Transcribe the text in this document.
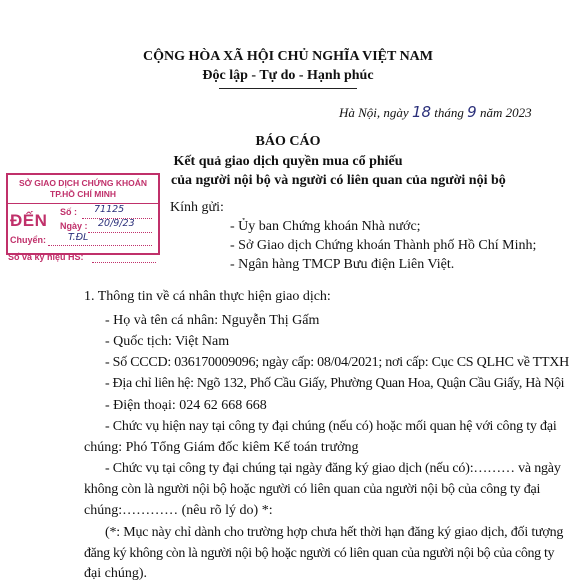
CỘNG HÒA XÃ HỘI CHỦ NGHĨA VIỆT NAM
Độc lập - Tự do - Hạnh phúc
Hà Nội, ngày 18 tháng 9 năm 2023
BÁO CÁO
Kết quả giao dịch quyền mua cổ phiếu
của người nội bộ và người có liên quan của người nội bộ
SỞ GIAO DỊCH CHỨNG KHOÁN
TP.HỒ CHÍ MINH
ĐẾN Số : 71125
Ngày : 20/9/23
Chuyển: T.ĐL
Số và ký hiệu HS:
Kính gửi:
- Ủy ban Chứng khoán Nhà nước;
- Sở Giao dịch Chứng khoán Thành phố Hồ Chí Minh;
- Ngân hàng TMCP Bưu điện Liên Việt.
1. Thông tin về cá nhân thực hiện giao dịch:
- Họ và tên cá nhân: Nguyễn Thị Gấm
- Quốc tịch: Việt Nam
- Số CCCD: 036170009096; ngày cấp: 08/04/2021; nơi cấp: Cục CS QLHC về TTXH
- Địa chỉ liên hệ: Ngõ 132, Phố Cầu Giấy, Phường Quan Hoa, Quận Cầu Giấy, Hà Nội
- Điện thoại: 024 62 668 668
- Chức vụ hiện nay tại công ty đại chúng (nếu có) hoặc mối quan hệ với công ty đại
chúng: Phó Tổng Giám đốc kiêm Kế toán trưởng
- Chức vụ tại công ty đại chúng tại ngày đăng ký giao dịch (nếu có):……… và ngày
không còn là người nội bộ hoặc người có liên quan của người nội bộ của công ty đại
chúng:………… (nêu rõ lý do) *:
(*: Mục này chỉ dành cho trường hợp chưa hết thời hạn đăng ký giao dịch, đối tượng
đăng ký không còn là người nội bộ hoặc người có liên quan của người nội bộ của công ty
đại chúng).
